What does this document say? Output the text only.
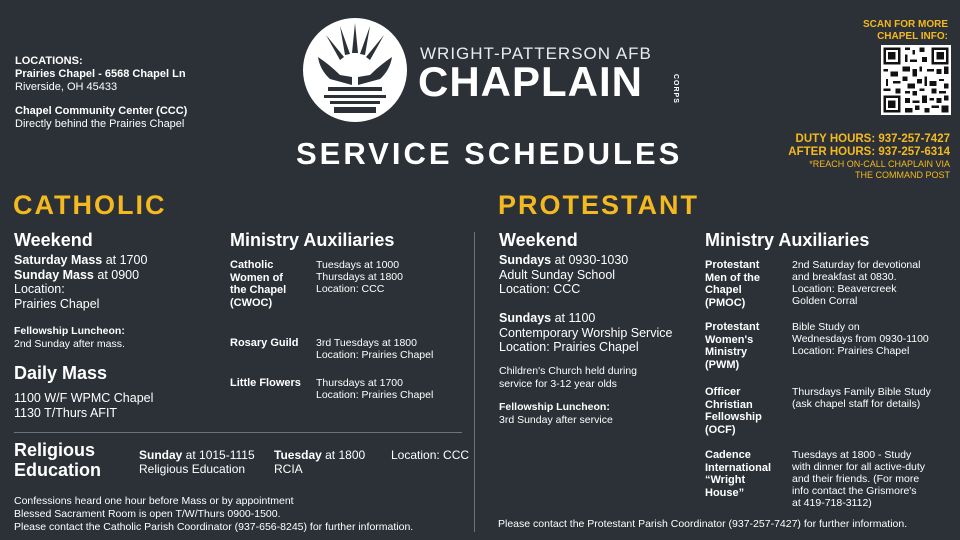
LOCATIONS:
Prairies Chapel - 6568 Chapel Ln
Riverside, OH 45433
Chapel Community Center (CCC)
Directly behind the Prairies Chapel
WRIGHT-PATTERSON AFB
CHAPLAIN	CORPS
SERVICE SCHEDULES
SCAN FOR MORE
CHAPEL INFO:
DUTY HOURS: 937-257-7427
AFTER HOURS: 937-257-6314
*REACH ON-CALL CHAPLAIN VIA
THE COMMAND POST
CATHOLIC
Weekend
Saturday Mass at 1700
Sunday Mass at 0900
Location:
Prairies Chapel
Fellowship Luncheon:
2nd Sunday after mass.
Daily Mass
1100 W/F WPMC Chapel
1130 T/Thurs AFIT
Ministry Auxiliaries
Catholic
Women of
the Chapel
(CWOC)
Tuesdays at 1000
Thursdays at 1800
Location: CCC
Rosary Guild 3rd Tuesdays at 1800
Location: Prairies Chapel
Little Flowers Thursdays at 1700
Location: Prairies Chapel
Religious
Education
Sunday at 1015-1115
Religious Education
Tuesday at 1800
RCIA
Location: CCC
Confessions heard one hour before Mass or by appointment
Blessed Sacrament Room is open T/W/Thurs 0900-1500.
Please contact the Catholic Parish Coordinator (937-656-8245) for further information.
PROTESTANT
Weekend
Sundays at 0930-1030
Adult Sunday School
Location: CCC
Sundays at 1100
Contemporary Worship Service
Location: Prairies Chapel
Children's Church held during
service for 3-12 year olds
Fellowship Luncheon:
3rd Sunday after service
Ministry Auxiliaries
Protestant
Men of the
Chapel
(PMOC)
2nd Saturday for devotional
and breakfast at 0830.
Location: Beavercreek
Golden Corral
Protestant
Women's
Ministry
(PWM)
Bible Study on
Wednesdays from 0930-1100
Location: Prairies Chapel
Officer
Christian
Fellowship
(OCF)
Thursdays Family Bible Study
(ask chapel staff for details)
Cadence
International
“Wright
House”
Tuesdays at 1800 - Study
with dinner for all active-duty
and their friends. (For more
info contact the Grismore's
at 419-718-3112)
Please contact the Protestant Parish Coordinator (937-257-7427) for further information.
